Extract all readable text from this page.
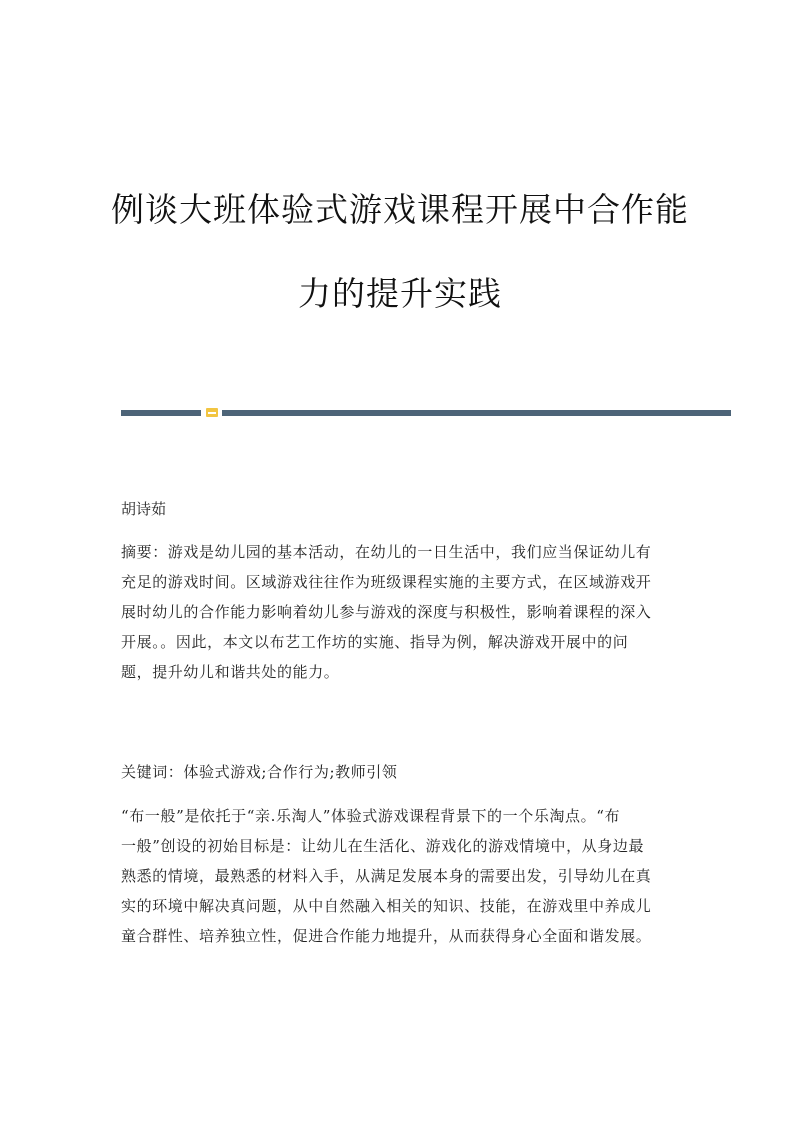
例谈大班体验式游戏课程开展中合作能
力的提升实践
胡诗茹

摘要：游戏是幼儿园的基本活动，在幼儿的一日生活中，我们应当保证幼儿有

充足的游戏时间。区域游戏往往作为班级课程实施的主要方式，在区域游戏开

展时幼儿的合作能力影响着幼儿参与游戏的深度与积极性，影响着课程的深入

开展。。因此，本文以布艺工作坊的实施、指导为例，解决游戏开展中的问

题，提升幼儿和谐共处的能力。

关键词：体验式游戏;合作行为;教师引领

“布一般”是依托于“亲.乐淘人”体验式游戏课程背景下的一个乐淘点。“布

一般”创设的初始目标是：让幼儿在生活化、游戏化的游戏情境中，从身边最

熟悉的情境，最熟悉的材料入手，从满足发展本身的需要出发，引导幼儿在真

实的环境中解决真问题，从中自然融入相关的知识、技能，在游戏里中养成儿

童合群性、培养独立性，促进合作能力地提升，从而获得身心全面和谐发展。
